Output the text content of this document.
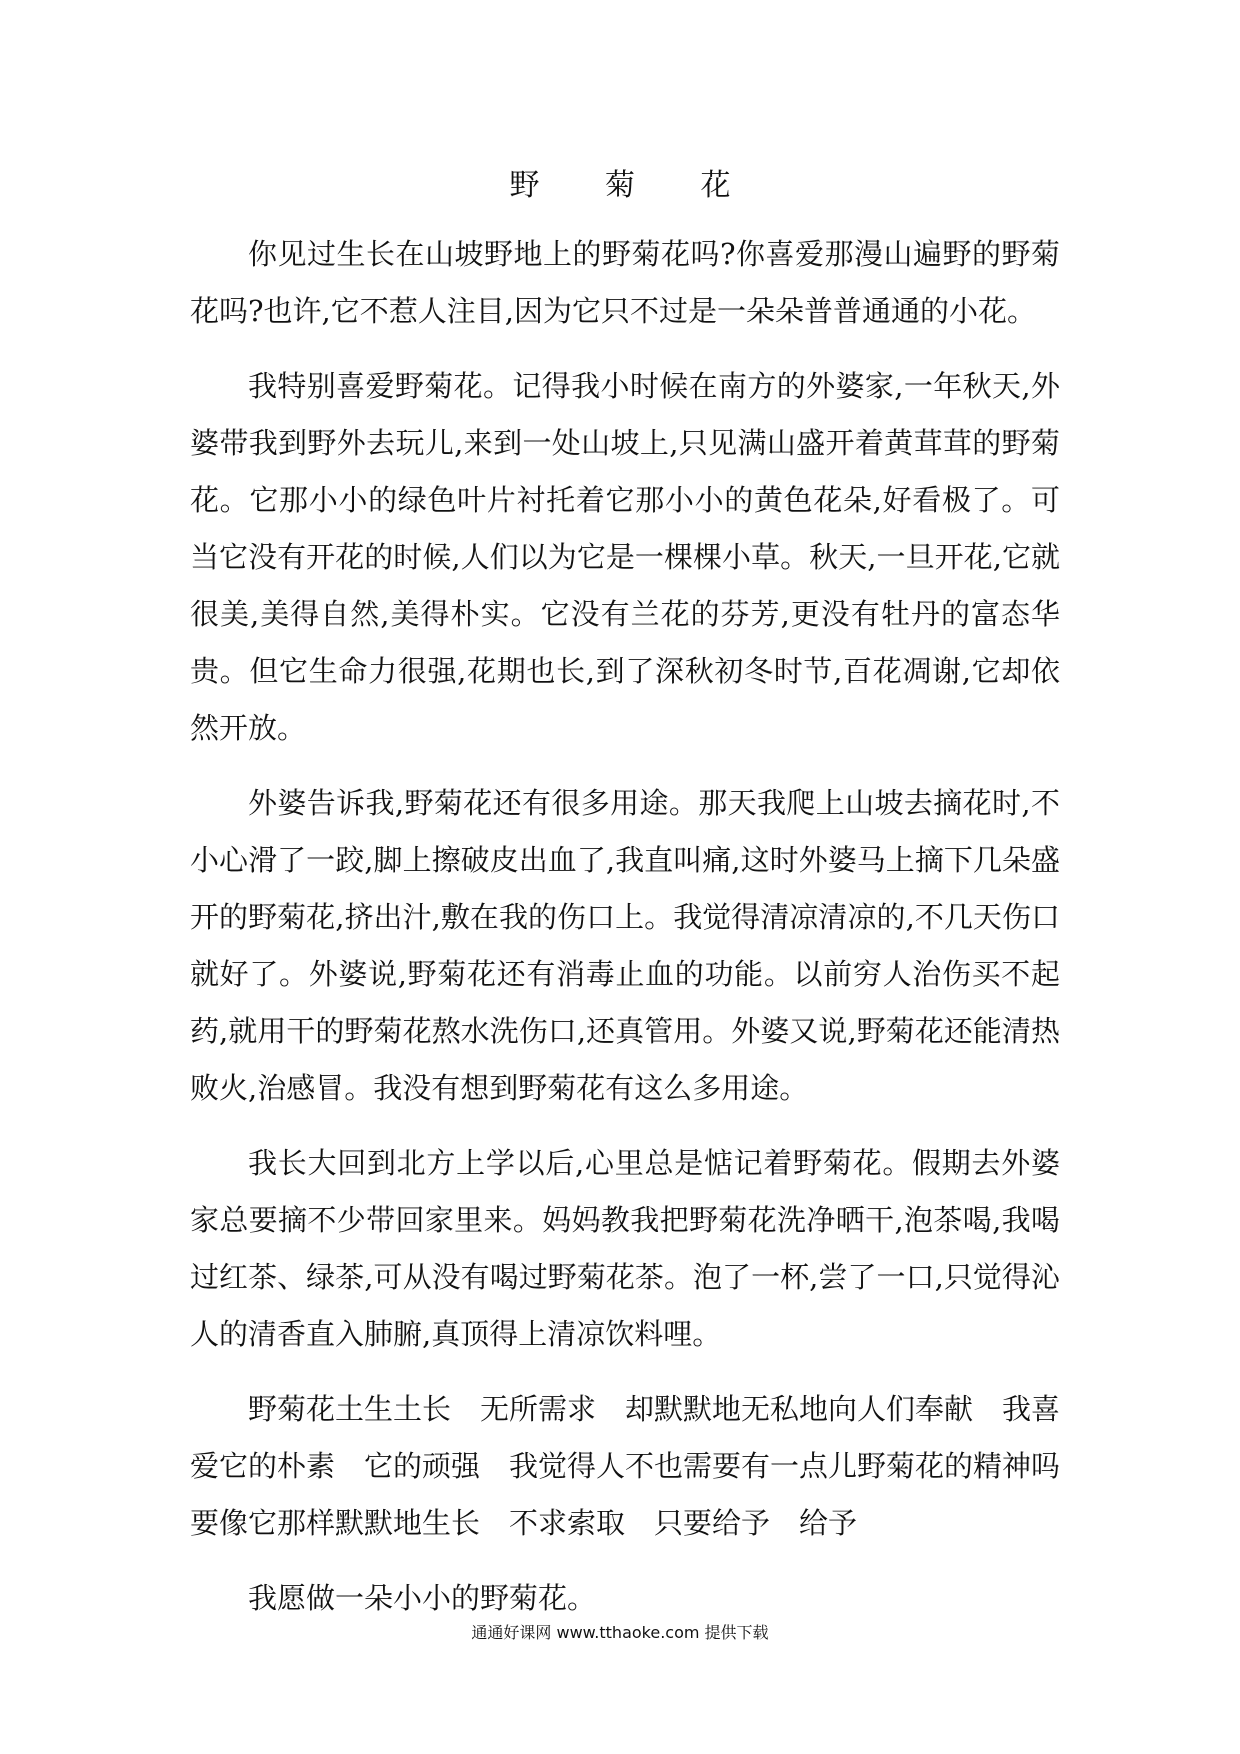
野 菊 花

你见过生长在山坡野地上的野菊花吗?你喜爱那漫山遍野的野菊花吗?也许,它不惹人注目,因为它只不过是一朵朵普普通通的小花。

我特别喜爱野菊花。记得我小时候在南方的外婆家,一年秋天,外婆带我到野外去玩儿,来到一处山坡上,只见满山盛开着黄茸茸的野菊花。它那小小的绿色叶片衬托着它那小小的黄色花朵,好看极了。可当它没有开花的时候,人们以为它是一棵棵小草。秋天,一旦开花,它就很美,美得自然,美得朴实。它没有兰花的芬芳,更没有牡丹的富态华贵。但它生命力很强,花期也长,到了深秋初冬时节,百花凋谢,它却依然开放。

外婆告诉我,野菊花还有很多用途。那天我爬上山坡去摘花时,不小心滑了一跤,脚上擦破皮出血了,我直叫痛,这时外婆马上摘下几朵盛开的野菊花,挤出汁,敷在我的伤口上。我觉得清凉清凉的,不几天伤口就好了。外婆说,野菊花还有消毒止血的功能。以前穷人治伤买不起药,就用干的野菊花熬水洗伤口,还真管用。外婆又说,野菊花还能清热败火,治感冒。我没有想到野菊花有这么多用途。

我长大回到北方上学以后,心里总是惦记着野菊花。假期去外婆家总要摘不少带回家里来。妈妈教我把野菊花洗净晒干,泡茶喝,我喝过红茶、绿茶,可从没有喝过野菊花茶。泡了一杯,尝了一口,只觉得沁人的清香直入肺腑,真顶得上清凉饮料哩。

野菊花土生土长　无所需求　却默默地无私地向人们奉献　我喜爱它的朴素　它的顽强　我觉得人不也需要有一点儿野菊花的精神吗　要像它那样默默地生长　不求索取　只要给予　给予

我愿做一朵小小的野菊花。

通通好课网 www.tthaoke.com 提供下载
